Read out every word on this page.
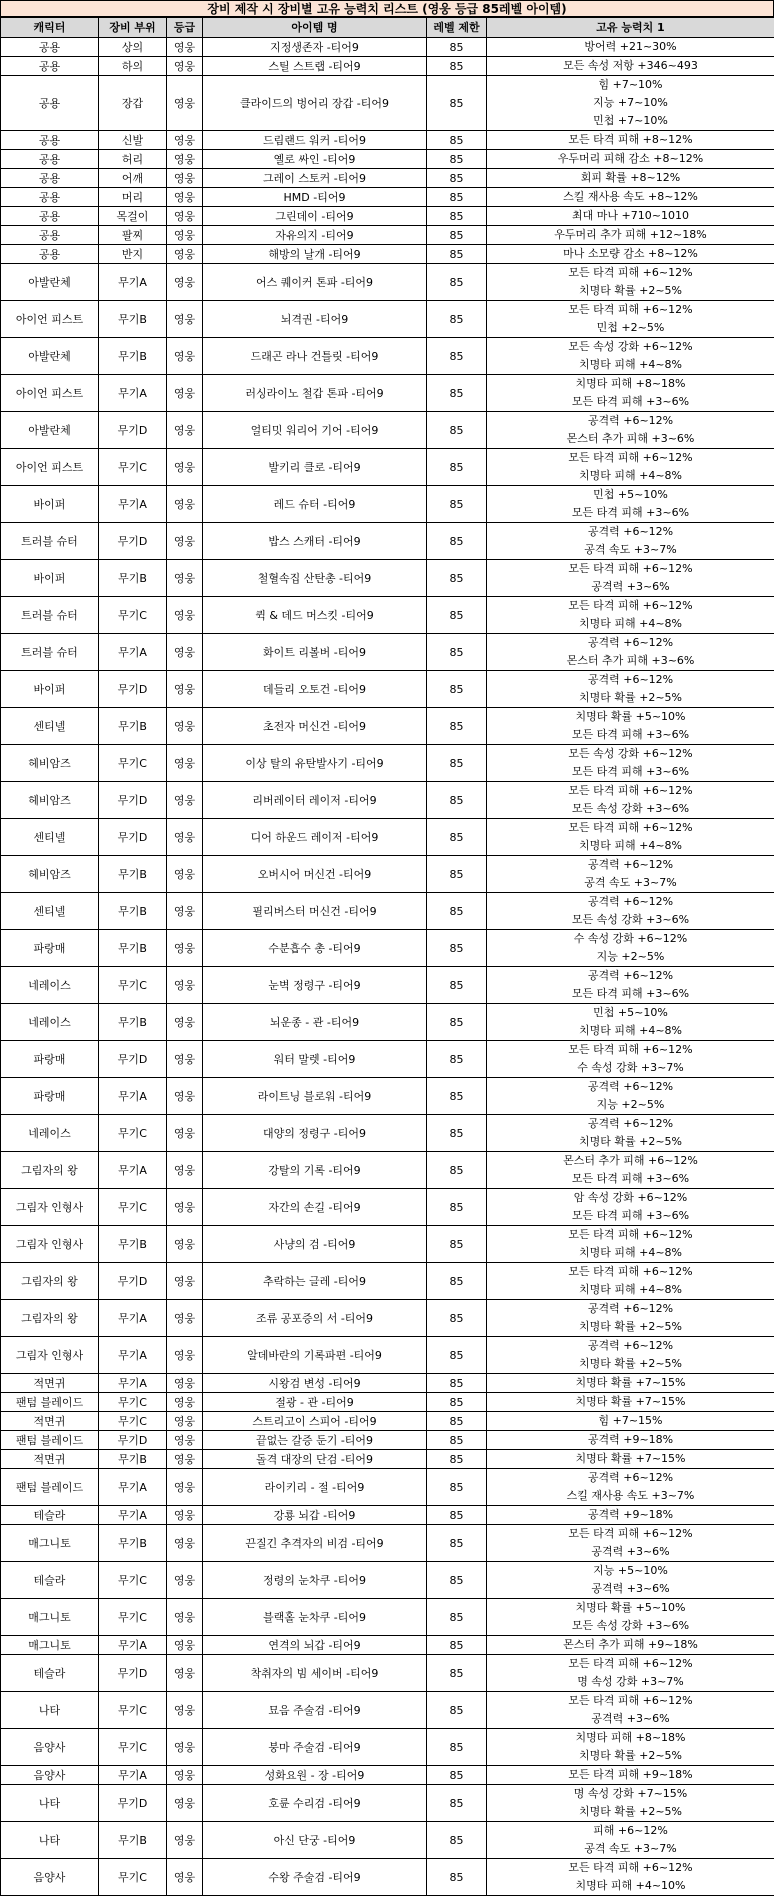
장비 제작 시 장비별 고유 능력치 리스트 (영웅 등급 85레벨 아이템)
캐릭터	장비 부위	등급	아이템 명	레벨 제한	고유 능력치 1
공용	상의	영웅	지정생존자 -티어9	85	방어력 +21~30%

공용	하의	영웅	스틸 스트랩 -티어9	85	모든 속성 저항 +346~493

공용	장갑	영웅	클라이드의 벙어리 장갑 -티어9	85	힘 +7~10%
지능 +7~10%
민첩 +7~10%

공용	신발	영웅	드림랜드 워커 -티어9	85	모든 타격 피해 +8~12%

공용	허리	영웅	옐로 싸인 -티어9	85	우두머리 피해 감소 +8~12%

공용	어깨	영웅	그레이 스토커 -티어9	85	회피 확률 +8~12%

공용	머리	영웅	HMD -티어9	85	스킬 재사용 속도 +8~12%

공용	목걸이	영웅	그린데이 -티어9	85	최대 마나 +710~1010

공용	팔찌	영웅	자유의지 -티어9	85	우두머리 추가 피해 +12~18%

공용	반지	영웅	해방의 날개 -티어9	85	마나 소모량 감소 +8~12%

아발란체	무기A	영웅	어스 퀘이커 톤파 -티어9	85	모든 타격 피해 +6~12%
치명타 확률 +2~5%

아이언 피스트	무기B	영웅	뇌격권 -티어9	85	모든 타격 피해 +6~12%
민첩 +2~5%

아발란체	무기B	영웅	드래곤 라나 건틀릿 -티어9	85	모든 속성 강화 +6~12%
치명타 피해 +4~8%

아이언 피스트	무기A	영웅	러싱라이노 철갑 톤파 -티어9	85	치명타 피해 +8~18%
모든 타격 피해 +3~6%

아발란체	무기D	영웅	얼티밋 워리어 기어 -티어9	85	공격력 +6~12%
몬스터 추가 피해 +3~6%

아이언 피스트	무기C	영웅	발키리 클로 -티어9	85	모든 타격 피해 +6~12%
치명타 피해 +4~8%

바이퍼	무기A	영웅	레드 슈터 -티어9	85	민첩 +5~10%
모든 타격 피해 +3~6%

트러블 슈터	무기D	영웅	밥스 스캐터 -티어9	85	공격력 +6~12%
공격 속도 +3~7%

바이퍼	무기B	영웅	철혈속집 산탄총 -티어9	85	모든 타격 피해 +6~12%
공격력 +3~6%

트러블 슈터	무기C	영웅	퀵 & 데드 머스킷 -티어9	85	모든 타격 피해 +6~12%
치명타 피해 +4~8%

트러블 슈터	무기A	영웅	화이트 리볼버 -티어9	85	공격력 +6~12%
몬스터 추가 피해 +3~6%

바이퍼	무기D	영웅	데들리 오토건 -티어9	85	공격력 +6~12%
치명타 확률 +2~5%

센티넬	무기B	영웅	초전자 머신건 -티어9	85	치명타 확률 +5~10%
모든 타격 피해 +3~6%

헤비암즈	무기C	영웅	이상 탈의 유탄발사기 -티어9	85	모든 속성 강화 +6~12%
모든 타격 피해 +3~6%

헤비암즈	무기D	영웅	리버레이터 레이저 -티어9	85	모든 타격 피해 +6~12%
모든 속성 강화 +3~6%

센티넬	무기D	영웅	디어 하운드 레이저 -티어9	85	모든 타격 피해 +6~12%
치명타 피해 +4~8%

헤비암즈	무기B	영웅	오버시어 머신건 -티어9	85	공격력 +6~12%
공격 속도 +3~7%

센티넬	무기B	영웅	필리버스터 머신건 -티어9	85	공격력 +6~12%
모든 속성 강화 +3~6%

파랑매	무기B	영웅	수분흡수 총 -티어9	85	수 속성 강화 +6~12%
지능 +2~5%

네레이스	무기C	영웅	눈벽 정령구 -티어9	85	공격력 +6~12%
모든 타격 피해 +3~6%

네레이스	무기B	영웅	뇌운종 - 관 -티어9	85	민첩 +5~10%
치명타 피해 +4~8%

파랑매	무기D	영웅	워터 말렛 -티어9	85	모든 타격 피해 +6~12%
수 속성 강화 +3~7%

파랑매	무기A	영웅	라이트닝 블로워 -티어9	85	공격력 +6~12%
지능 +2~5%

네레이스	무기C	영웅	대양의 정령구 -티어9	85	공격력 +6~12%
치명타 확률 +2~5%

그림자의 왕	무기A	영웅	강탈의 기록 -티어9	85	몬스터 추가 피해 +6~12%
모든 타격 피해 +3~6%

그림자 인형사	무기C	영웅	자간의 손길 -티어9	85	암 속성 강화 +6~12%
모든 타격 피해 +3~6%

그림자 인형사	무기B	영웅	사냥의 검 -티어9	85	모든 타격 피해 +6~12%
치명타 피해 +4~8%

그림자의 왕	무기D	영웅	추락하는 글레 -티어9	85	모든 타격 피해 +6~12%
치명타 피해 +4~8%

그림자의 왕	무기A	영웅	조류 공포증의 서 -티어9	85	공격력 +6~12%
치명타 확률 +2~5%

그림자 인형사	무기A	영웅	알데바란의 기록파편 -티어9	85	공격력 +6~12%
치명타 확률 +2~5%

적면귀	무기A	영웅	시왕검 변성 -티어9	85	치명타 확률 +7~15%

팬텀 블레이드	무기C	영웅	절광 - 관 -티어9	85	치명타 확률 +7~15%

적면귀	무기C	영웅	스트리고이 스피어 -티어9	85	힘 +7~15%

팬텀 블레이드	무기D	영웅	끝없는 갈증 둔기 -티어9	85	공격력 +9~18%

적면귀	무기B	영웅	돌격 대장의 단검 -티어9	85	치명타 확률 +7~15%

팬텀 블레이드	무기A	영웅	라이키리 - 절 -티어9	85	공격력 +6~12%
스킬 재사용 속도 +3~7%

테슬라	무기A	영웅	강룡 뇌갑 -티어9	85	공격력 +9~18%

매그니토	무기B	영웅	끈질긴 추격자의 비검 -티어9	85	모든 타격 피해 +6~12%
공격력 +3~6%

테슬라	무기C	영웅	정령의 눈차쿠 -티어9	85	지능 +5~10%
공격력 +3~6%

매그니토	무기C	영웅	블랙홀 눈차쿠 -티어9	85	치명타 확률 +5~10%
모든 속성 강화 +3~6%

매그니토	무기A	영웅	연격의 뇌갑 -티어9	85	몬스터 추가 피해 +9~18%

테슬라	무기D	영웅	착취자의 빔 세이버 -티어9	85	모든 타격 피해 +6~12%
명 속성 강화 +3~7%

나타	무기C	영웅	묘음 주술검 -티어9	85	모든 타격 피해 +6~12%
공격력 +3~6%

음양사	무기C	영웅	붕마 주술검 -티어9	85	치명타 피해 +8~18%
치명타 확률 +2~5%

음양사	무기A	영웅	성화요원 - 장 -티어9	85	모든 타격 피해 +9~18%

나타	무기D	영웅	호륜 수리검 -티어9	85	명 속성 강화 +7~15%
치명타 확률 +2~5%

나타	무기B	영웅	아신 단궁 -티어9	85	피해 +6~12%
공격 속도 +3~7%

음양사	무기C	영웅	수왕 주술검 -티어9	85	모든 타격 피해 +6~12%
치명타 피해 +4~10%
